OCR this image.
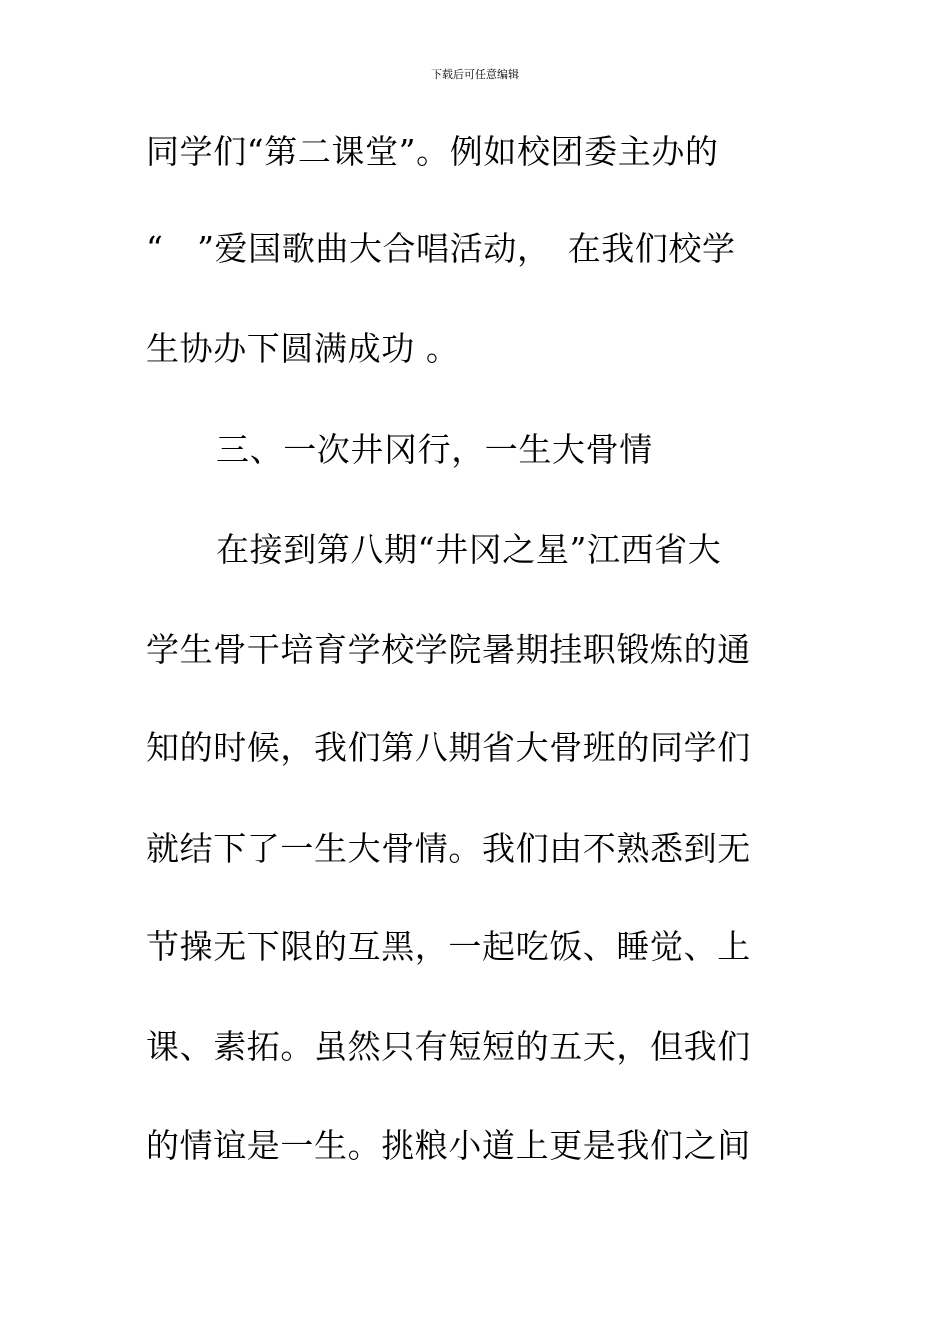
下载后可任意编辑
同学们“第二课堂”。例如校团委主办的
“　”爱国歌曲大合唱活动，　在我们校学
生协办下圆满成功 。
三、一次井冈行，一生大骨情
在接到第八期“井冈之星”江西省大
学生骨干培育学校学院暑期挂职锻炼的通
知的时候，我们第八期省大骨班的同学们
就结下了一生大骨情。我们由不熟悉到无
节操无下限的互黑，一起吃饭、睡觉、上
课、素拓。虽然只有短短的五天，但我们
的情谊是一生。挑粮小道上更是我们之间
